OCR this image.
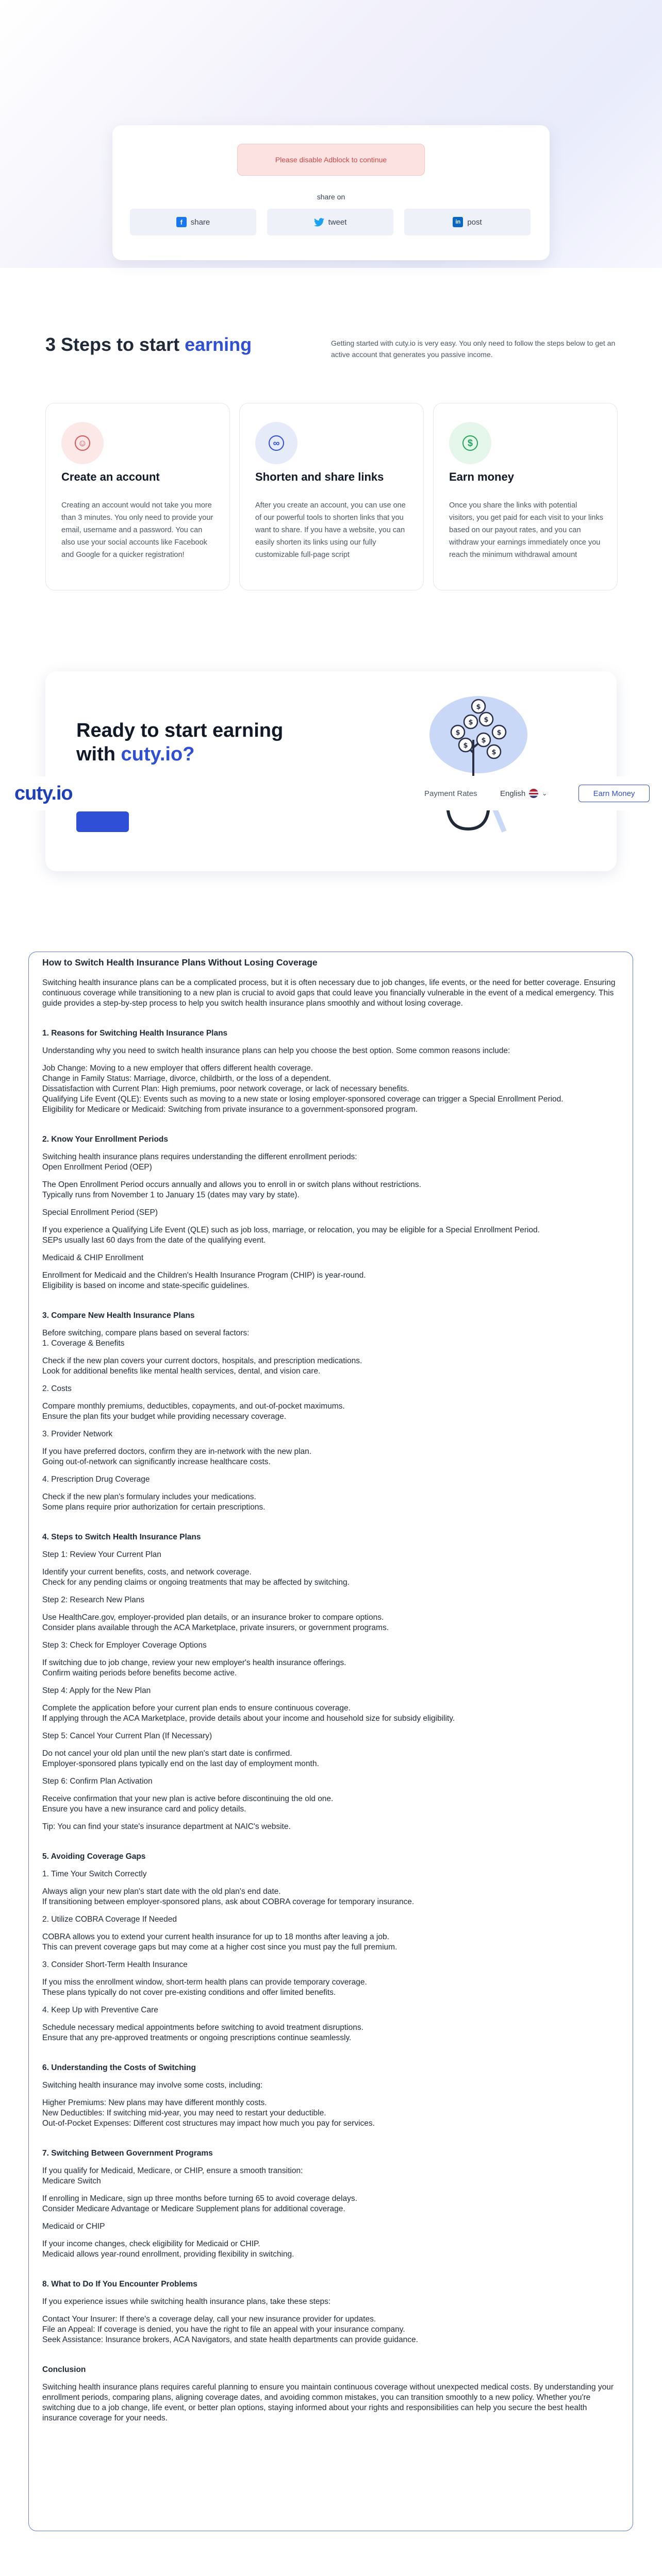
Please disable Adblock to continue
share on
f	share	tweet	in post
3 Steps to start earning	Getting started with cuty.io is very easy. You only need to follow the steps below to get an active account that generates you passive income.
☺
Create an account
Creating an account would not take you more than 3 minutes. You only need to provide your email, username and a password. You can also use your social accounts like Facebook and Google for a quicker registration!
∞
Shorten and share links
After you create an account, you can use one of our powerful tools to shorten links that you want to share. If you have a website, you can easily shorten its links using our fully customizable full-page script
$
Earn money
Once you share the links with potential visitors, you get paid for each visit to your links based on our payout rates, and you can withdraw your earnings immediately once you reach the minimum withdrawal amount
Ready to start earning
with cuty.io?
$
$ $
$
$
$
$
$
cuty.io	Payment Rates	English	⌄	Earn Money
How to Switch Health Insurance Plans Without Losing Coverage

Switching health insurance plans can be a complicated process, but it is often necessary due to job changes, life events, or the need for better coverage. Ensuring continuous coverage while transitioning to a new plan is crucial to avoid gaps that could leave you financially vulnerable in the event of a medical emergency. This guide provides a step-by-step process to help you switch health insurance plans smoothly and without losing coverage.

1. Reasons for Switching Health Insurance Plans

Understanding why you need to switch health insurance plans can help you choose the best option. Some common reasons include:

Job Change: Moving to a new employer that offers different health coverage.
Change in Family Status: Marriage, divorce, childbirth, or the loss of a dependent.
Dissatisfaction with Current Plan: High premiums, poor network coverage, or lack of necessary benefits.
Qualifying Life Event (QLE): Events such as moving to a new state or losing employer-sponsored coverage can trigger a Special Enrollment Period.
Eligibility for Medicare or Medicaid: Switching from private insurance to a government-sponsored program.

2. Know Your Enrollment Periods

Switching health insurance plans requires understanding the different enrollment periods:
Open Enrollment Period (OEP)

The Open Enrollment Period occurs annually and allows you to enroll in or switch plans without restrictions.
Typically runs from November 1 to January 15 (dates may vary by state).

Special Enrollment Period (SEP)

If you experience a Qualifying Life Event (QLE) such as job loss, marriage, or relocation, you may be eligible for a Special Enrollment Period.
SEPs usually last 60 days from the date of the qualifying event.

Medicaid & CHIP Enrollment

Enrollment for Medicaid and the Children's Health Insurance Program (CHIP) is year-round.
Eligibility is based on income and state-specific guidelines.

3. Compare New Health Insurance Plans

Before switching, compare plans based on several factors:
1. Coverage & Benefits

Check if the new plan covers your current doctors, hospitals, and prescription medications.
Look for additional benefits like mental health services, dental, and vision care.

2. Costs

Compare monthly premiums, deductibles, copayments, and out-of-pocket maximums.
Ensure the plan fits your budget while providing necessary coverage.

3. Provider Network

If you have preferred doctors, confirm they are in-network with the new plan.
Going out-of-network can significantly increase healthcare costs.

4. Prescription Drug Coverage

Check if the new plan's formulary includes your medications.
Some plans require prior authorization for certain prescriptions.

4. Steps to Switch Health Insurance Plans

Step 1: Review Your Current Plan

Identify your current benefits, costs, and network coverage.
Check for any pending claims or ongoing treatments that may be affected by switching.

Step 2: Research New Plans

Use HealthCare.gov, employer-provided plan details, or an insurance broker to compare options.
Consider plans available through the ACA Marketplace, private insurers, or government programs.

Step 3: Check for Employer Coverage Options

If switching due to job change, review your new employer's health insurance offerings.
Confirm waiting periods before benefits become active.

Step 4: Apply for the New Plan

Complete the application before your current plan ends to ensure continuous coverage.
If applying through the ACA Marketplace, provide details about your income and household size for subsidy eligibility.

Step 5: Cancel Your Current Plan (If Necessary)

Do not cancel your old plan until the new plan's start date is confirmed.
Employer-sponsored plans typically end on the last day of employment month.

Step 6: Confirm Plan Activation

Receive confirmation that your new plan is active before discontinuing the old one.
Ensure you have a new insurance card and policy details.

Tip: You can find your state's insurance department at NAIC's website.

5. Avoiding Coverage Gaps

1. Time Your Switch Correctly

Always align your new plan's start date with the old plan's end date.
If transitioning between employer-sponsored plans, ask about COBRA coverage for temporary insurance.

2. Utilize COBRA Coverage If Needed

COBRA allows you to extend your current health insurance for up to 18 months after leaving a job.
This can prevent coverage gaps but may come at a higher cost since you must pay the full premium.

3. Consider Short-Term Health Insurance

If you miss the enrollment window, short-term health plans can provide temporary coverage.
These plans typically do not cover pre-existing conditions and offer limited benefits.

4. Keep Up with Preventive Care

Schedule necessary medical appointments before switching to avoid treatment disruptions.
Ensure that any pre-approved treatments or ongoing prescriptions continue seamlessly.

6. Understanding the Costs of Switching

Switching health insurance may involve some costs, including:

Higher Premiums: New plans may have different monthly costs.
New Deductibles: If switching mid-year, you may need to restart your deductible.
Out-of-Pocket Expenses: Different cost structures may impact how much you pay for services.

7. Switching Between Government Programs

If you qualify for Medicaid, Medicare, or CHIP, ensure a smooth transition:
Medicare Switch

If enrolling in Medicare, sign up three months before turning 65 to avoid coverage delays.
Consider Medicare Advantage or Medicare Supplement plans for additional coverage.

Medicaid or CHIP

If your income changes, check eligibility for Medicaid or CHIP.
Medicaid allows year-round enrollment, providing flexibility in switching.

8. What to Do If You Encounter Problems

If you experience issues while switching health insurance plans, take these steps:

Contact Your Insurer: If there's a coverage delay, call your new insurance provider for updates.
File an Appeal: If coverage is denied, you have the right to file an appeal with your insurance company.
Seek Assistance: Insurance brokers, ACA Navigators, and state health departments can provide guidance.

Conclusion

Switching health insurance plans requires careful planning to ensure you maintain continuous coverage without unexpected medical costs. By understanding your enrollment periods, comparing plans, aligning coverage dates, and avoiding common mistakes, you can transition smoothly to a new policy. Whether you're switching due to a job change, life event, or better plan options, staying informed about your rights and responsibilities can help you secure the best health insurance coverage for your needs.
